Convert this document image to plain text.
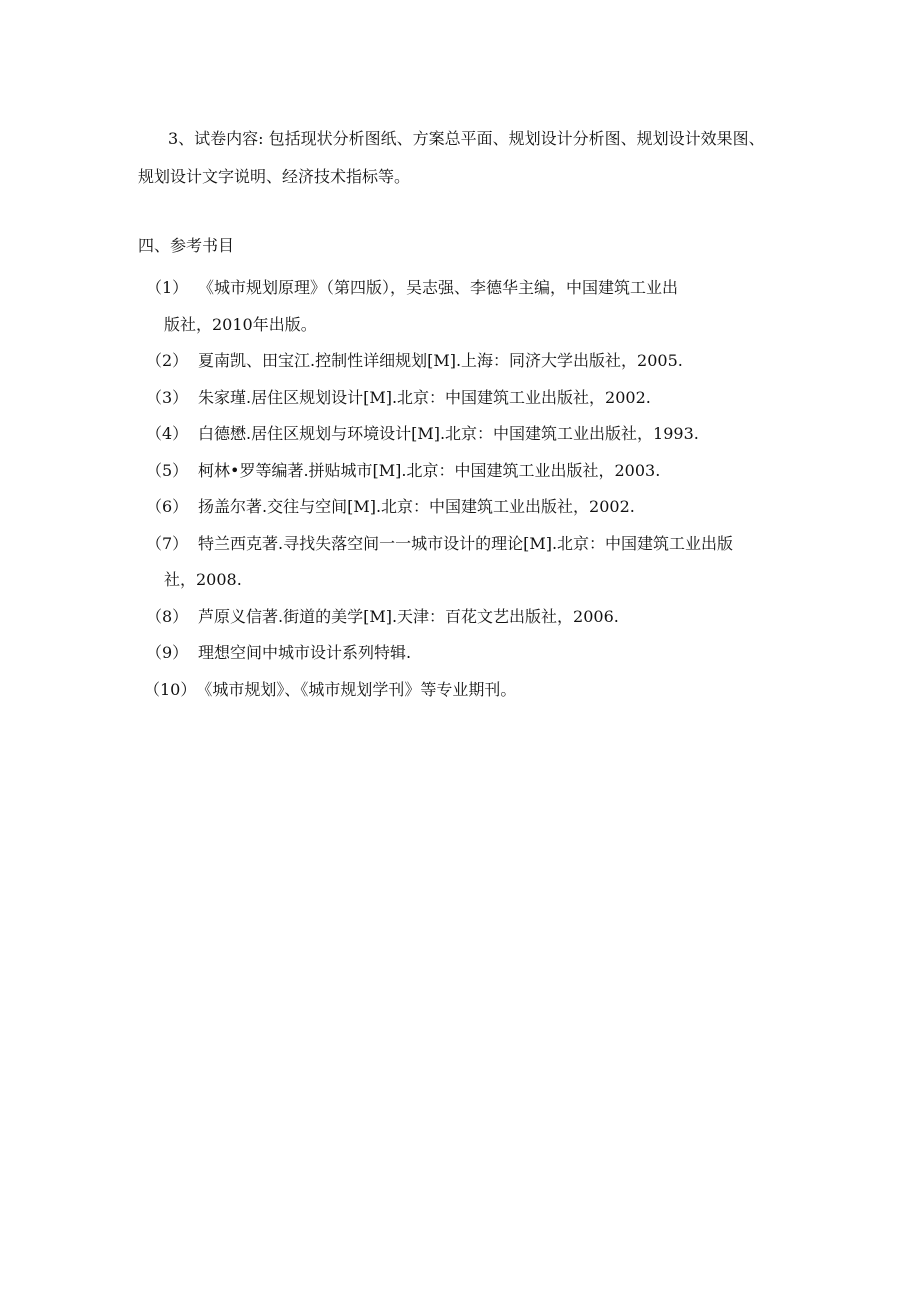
3、试卷内容: 包括现状分析图纸、方案总平面、规划设计分析图、规划设计效果图、
规划设计文字说明、经济技术指标等。
四、参考书目
（1） 《城市规划原理》（第四版），吴志强、李德华主编，中国建筑工业出
版社，2010年出版。
（2） 夏南凯、田宝江.控制性详细规划[M].上海：同济大学出版社，2005.
（3） 朱家瑾.居住区规划设计[M].北京：中国建筑工业出版社，2002.
（4） 白德懋.居住区规划与环境设计[M].北京：中国建筑工业出版社，1993.
（5） 柯林•罗等编著.拼贴城市[M].北京：中国建筑工业出版社，2003.
（6） 扬盖尔著.交往与空间[M].北京：中国建筑工业出版社，2002.
（7） 特兰西克著.寻找失落空间一一城市设计的理论[M].北京：中国建筑工业出版
社，2008.
（8） 芦原义信著.街道的美学[M].天津：百花文艺出版社，2006.
（9） 理想空间中城市设计系列特辑.
（10）《城市规划》、《城市规划学刊》等专业期刊。
